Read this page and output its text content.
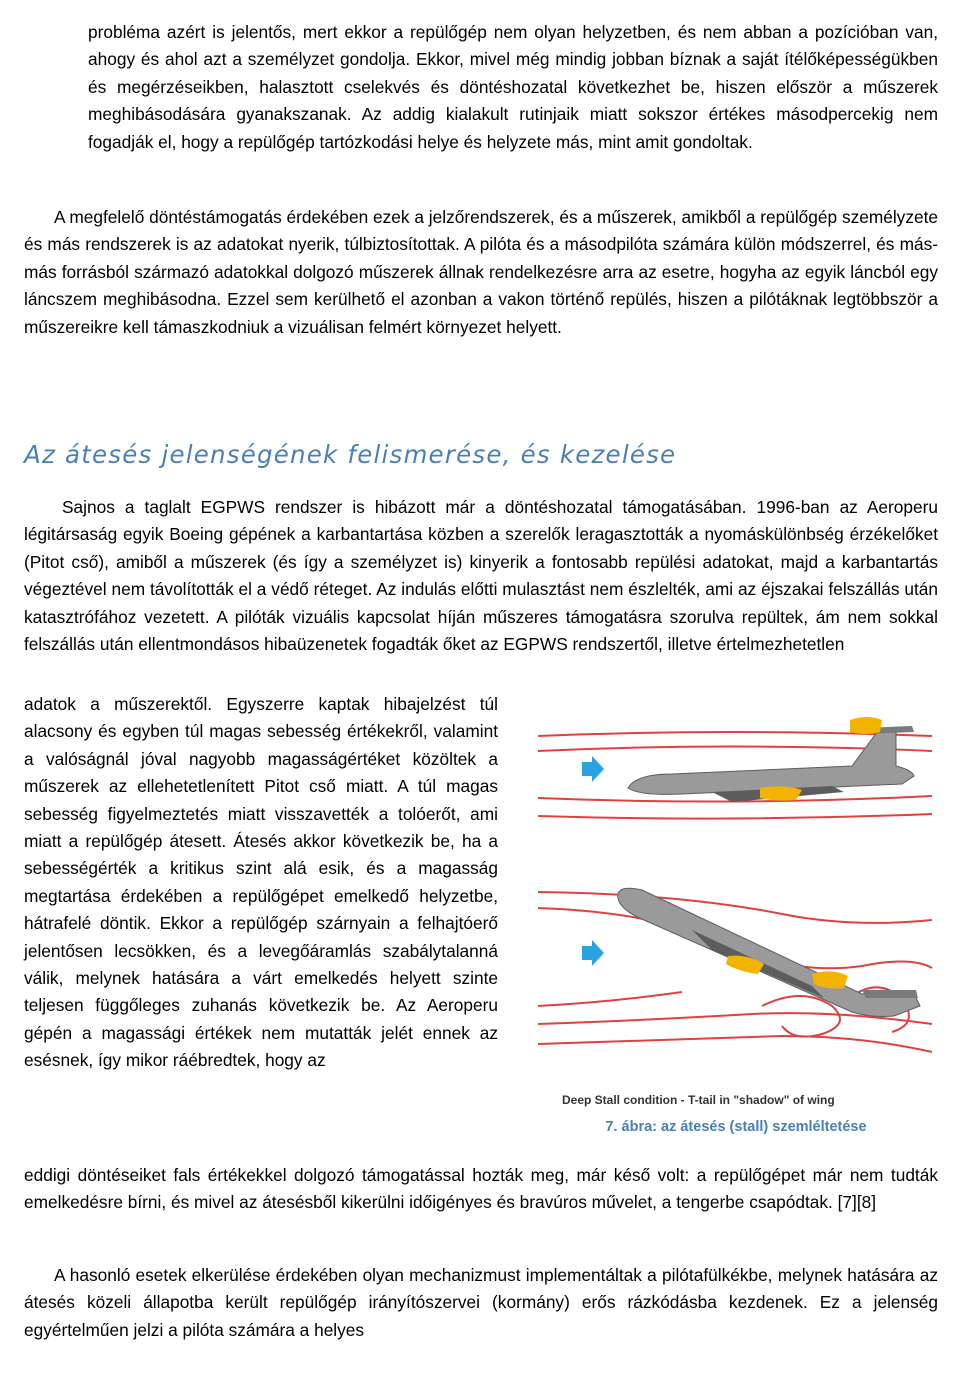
probléma azért is jelentős, mert ekkor a repülőgép nem olyan helyzetben, és nem abban a pozícióban van, ahogy és ahol azt a személyzet gondolja. Ekkor, mivel még mindig jobban bíznak a saját ítélőképességükben és megérzéseikben, halasztott cselekvés és döntéshozatal következhet be, hiszen először a műszerek meghibásodására gyanakszanak. Az addig kialakult rutinjaik miatt sokszor értékes másodpercekig nem fogadják el, hogy a repülőgép tartózkodási helye és helyzete más, mint amit gondoltak.

A megfelelő döntéstámogatás érdekében ezek a jelzőrendszerek, és a műszerek, amikből a repülőgép személyzete és más rendszerek is az adatokat nyerik, túlbiztosítottak. A pilóta és a másodpilóta számára külön módszerrel, és más-más forrásból származó adatokkal dolgozó műszerek állnak rendelkezésre arra az esetre, hogyha az egyik láncból egy láncszem meghibásodna. Ezzel sem kerülhető el azonban a vakon történő repülés, hiszen a pilótáknak legtöbbször a műszereikre kell támaszkodniuk a vizuálisan felmért környezet helyett.

Az átesés jelenségének felismerése, és kezelése

Sajnos a taglalt EGPWS rendszer is hibázott már a döntéshozatal támogatásában. 1996-ban az Aeroperu légitársaság egyik Boeing gépének a karbantartása közben a szerelők leragasztották a nyomáskülönbség érzékelőket (Pitot cső), amiből a műszerek (és így a személyzet is) kinyerik a fontosabb repülési adatokat, majd a karbantartás végeztével nem távolították el a védő réteget. Az indulás előtti mulasztást nem észlelték, ami az éjszakai felszállás után katasztrófához vezetett. A pilóták vizuális kapcsolat híján műszeres támogatásra szorulva repültek, ám nem sokkal felszállás után ellentmondásos hibaüzenetek fogadták őket az EGPWS rendszertől, illetve értelmezhetetlen

adatok a műszerektől. Egyszerre kaptak hibajelzést túl alacsony és egyben túl magas sebesség értékekről, valamint a valóságnál jóval nagyobb magasságértéket közöltek a műszerek az ellehetetlenített Pitot cső miatt. A túl magas sebesség figyelmeztetés miatt visszavették a tolóerőt, ami miatt a repülőgép átesett. Átesés akkor következik be, ha a sebességérték a kritikus szint alá esik, és a magasság megtartása érdekében a repülőgépet emelkedő helyzetbe, hátrafelé döntik. Ekkor a repülőgép szárnyain a felhajtóerő jelentősen lecsökken, és a levegőáramlás szabálytalanná válik, melynek hatására a várt emelkedés helyett szinte teljesen függőleges zuhanás következik be. Az Aeroperu gépén a magassági értékek nem mutatták jelét ennek az esésnek, így mikor ráébredtek, hogy az

Deep Stall condition - T-tail in "shadow" of wing
7. ábra: az átesés (stall) szemléltetése

eddigi döntéseiket fals értékekkel dolgozó támogatással hozták meg, már késő volt: a repülőgépet már nem tudták emelkedésre bírni, és mivel az átesésből kikerülni időigényes és bravúros művelet, a tengerbe csapódtak. [7][8]

A hasonló esetek elkerülése érdekében olyan mechanizmust implementáltak a pilótafülkékbe, melynek hatására az átesés közeli állapotba került repülőgép irányítószervei (kormány) erős rázkódásba kezdenek. Ez a jelenség egyértelműen jelzi a pilóta számára a helyes
